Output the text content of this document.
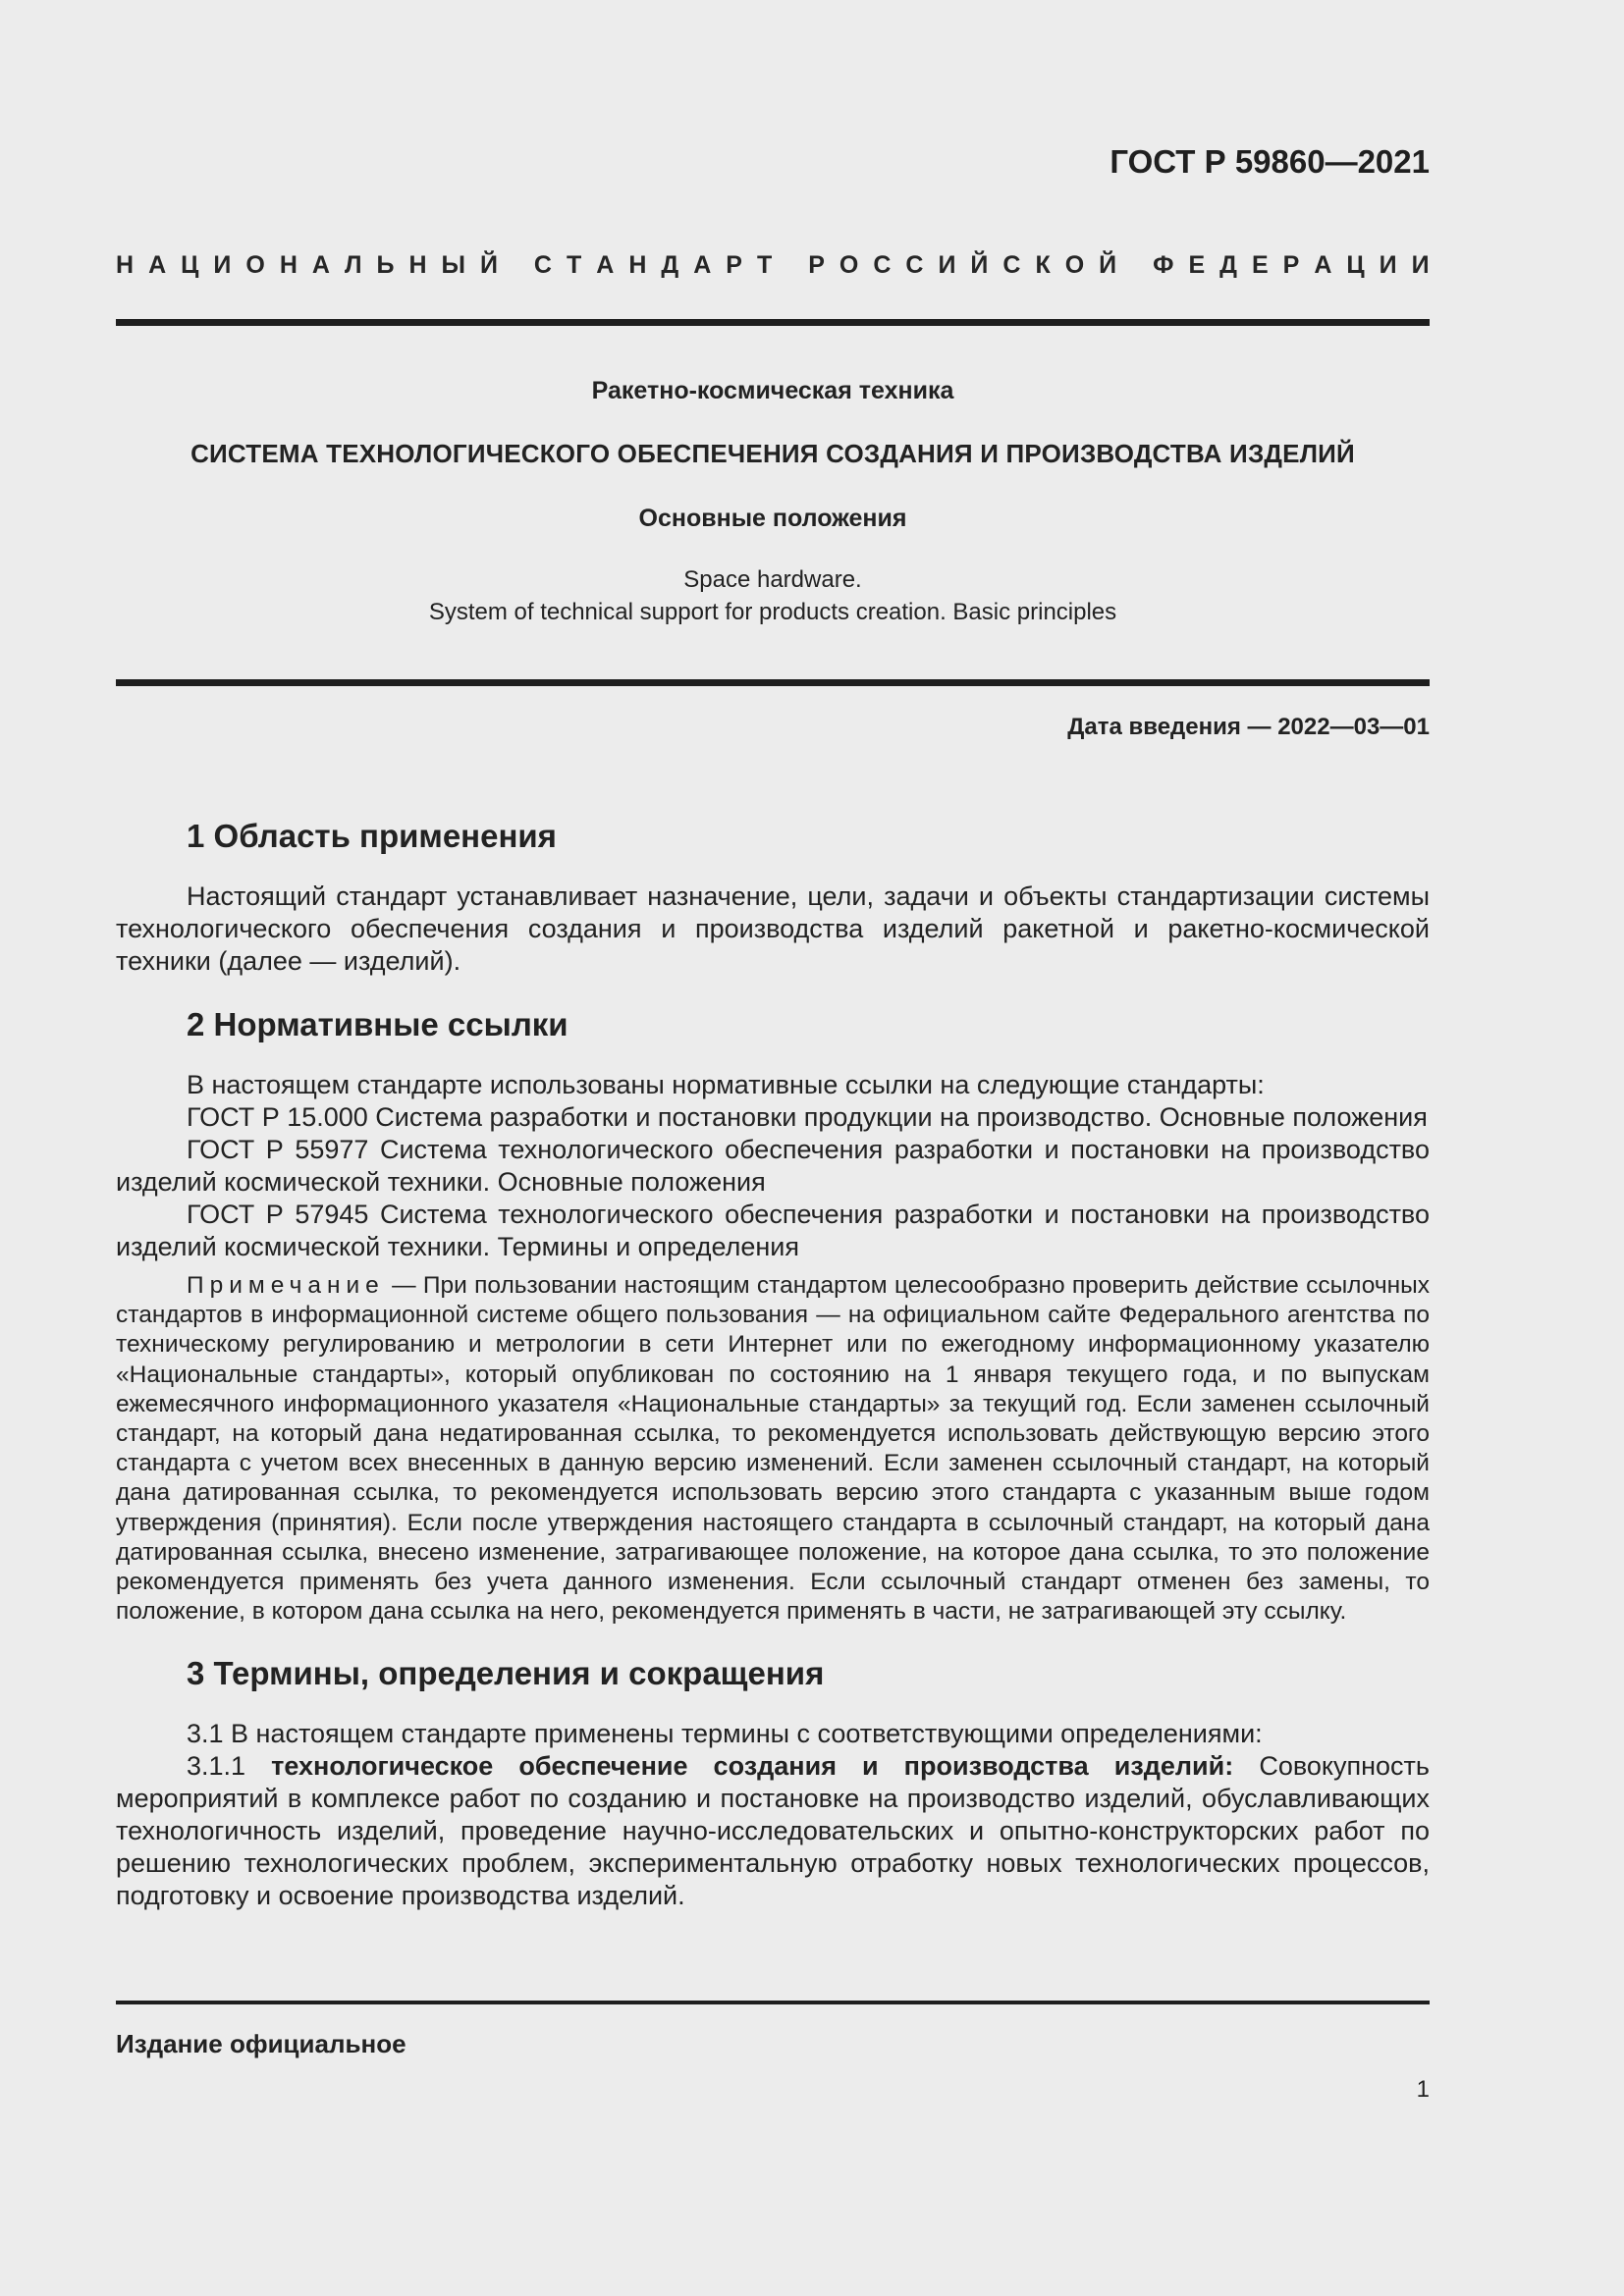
ГОСТ Р 59860—2021
Н А Ц И О Н А Л Ь Н Ы Й
С Т А Н Д А Р Т
Р О С С И Й С К О Й
Ф Е Д Е Р А Ц И И
Ракетно-космическая техника
СИСТЕМА ТЕХНОЛОГИЧЕСКОГО ОБЕСПЕЧЕНИЯ СОЗДАНИЯ И ПРОИЗВОДСТВА ИЗДЕЛИЙ
Основные положения
Space hardware.
System of technical support for products creation. Basic principles
Дата введения — 2022—03—01
1 Область применения

Настоящий стандарт устанавливает назначение, цели, задачи и объекты стандартизации системы технологического обеспечения создания и производства изделий ракетной и ракетно-космической техники (далее — изделий).

2 Нормативные ссылки

В настоящем стандарте использованы нормативные ссылки на следующие стандарты:

ГОСТ Р 15.000 Система разработки и постановки продукции на производство. Основные положения

ГОСТ Р 55977 Система технологического обеспечения разработки и постановки на производство изделий космической техники. Основные положения

ГОСТ Р 57945 Система технологического обеспечения разработки и постановки на производство изделий космической техники. Термины и определения

Примечание — При пользовании настоящим стандартом целесообразно проверить действие ссылочных стандартов в информационной системе общего пользования — на официальном сайте Федерального агентства по техническому регулированию и метрологии в сети Интернет или по ежегодному информационному указателю «Национальные стандарты», который опубликован по состоянию на 1 января текущего года, и по выпускам ежемесячного информационного указателя «Национальные стандарты» за текущий год. Если заменен ссылочный стандарт, на который дана недатированная ссылка, то рекомендуется использовать действующую версию этого стандарта с учетом всех внесенных в данную версию изменений. Если заменен ссылочный стандарт, на который дана датированная ссылка, то рекомендуется использовать версию этого стандарта с указанным выше годом утверждения (принятия). Если после утверждения настоящего стандарта в ссылочный стандарт, на который дана датированная ссылка, внесено изменение, затрагивающее положение, на которое дана ссылка, то это положение рекомендуется применять без учета данного изменения. Если ссылочный стандарт отменен без замены, то положение, в котором дана ссылка на него, рекомендуется применять в части, не затрагивающей эту ссылку.

3 Термины, определения и сокращения

3.1 В настоящем стандарте применены термины с соответствующими определениями:

3.1.1 технологическое обеспечение создания и производства изделий: Совокупность мероприятий в комплексе работ по созданию и постановке на производство изделий, обуславливающих технологичность изделий, проведение научно-исследовательских и опытно-конструкторских работ по решению технологических проблем, экспериментальную отработку новых технологических процессов, подготовку и освоение производства изделий.

Издание официальное
1
